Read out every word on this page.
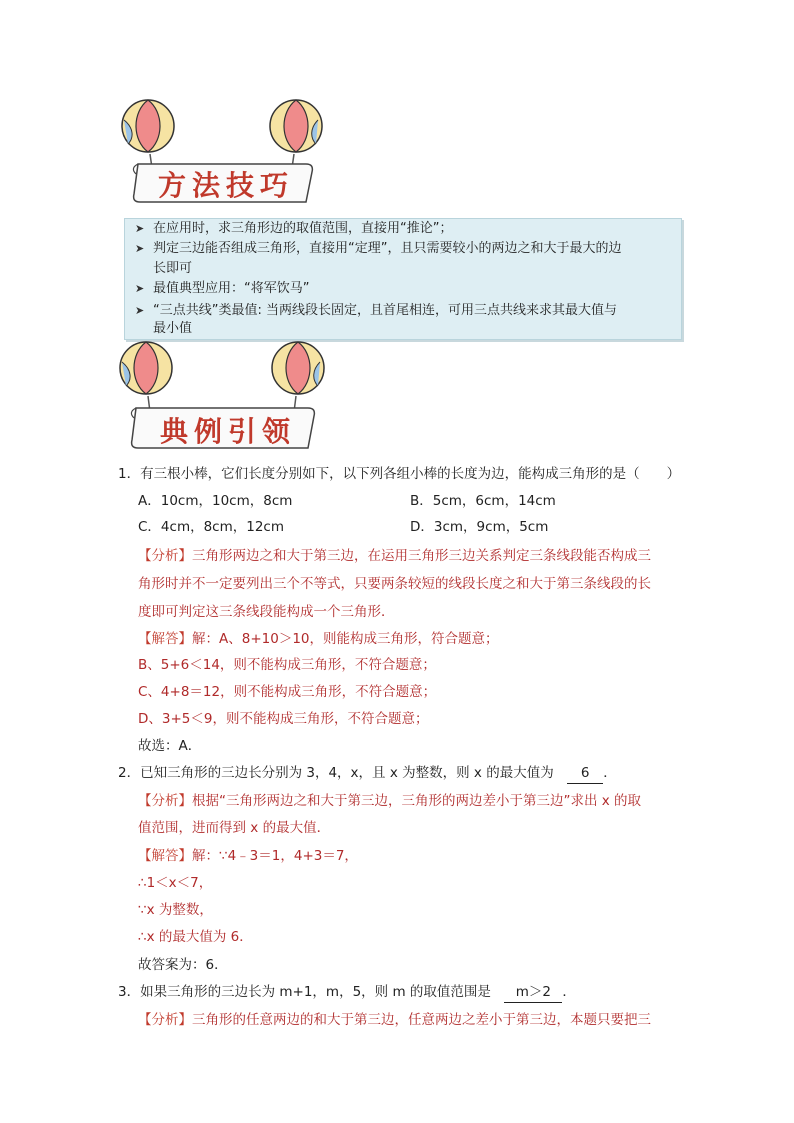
方法技巧
➤ 在应用时，求三角形边的取值范围，直接用“推论”；
➤ 判定三边能否组成三角形，直接用“定理”，且只需要较小的两边之和大于最大的边
长即可
➤ 最值典型应用：“将军饮马”
➤ “三点共线”类最值: 当两线段长固定，且首尾相连，可用三点共线来求其最大值与
最小值
典例引领
1．有三根小棒，它们长度分别如下，以下列各组小棒的长度为边，能构成三角形的是（　　）
A．10cm，10cm，8cm	B．5cm，6cm，14cm
C．4cm，8cm，12cm	D．3cm，9cm，5cm
【分析】三角形两边之和大于第三边，在运用三角形三边关系判定三条线段能否构成三
角形时并不一定要列出三个不等式，只要两条较短的线段长度之和大于第三条线段的长
度即可判定这三条线段能构成一个三角形．
【解答】解：A、8+10＞10，则能构成三角形，符合题意；
B、5+6＜14，则不能构成三角形，不符合题意；
C、4+8＝12，则不能构成三角形，不符合题意；
D、3+5＜9，则不能构成三角形，不符合题意；
故选：A．
2．已知三角形的三边长分别为 3，4，x，且 x 为整数，则 x 的最大值为　 6 ．
【分析】根据“三角形两边之和大于第三边，三角形的两边差小于第三边”求出 x 的取
值范围，进而得到 x 的最大值．
【解答】解：∵4﹣3＝1，4+3＝7，
∴1＜x＜7，
∵x 为整数，
∴x 的最大值为 6．
故答案为：6．
3．如果三角形的三边长为 m+1，m，5，则 m 的取值范围是　 m＞2 ．
【分析】三角形的任意两边的和大于第三边，任意两边之差小于第三边，本题只要把三
